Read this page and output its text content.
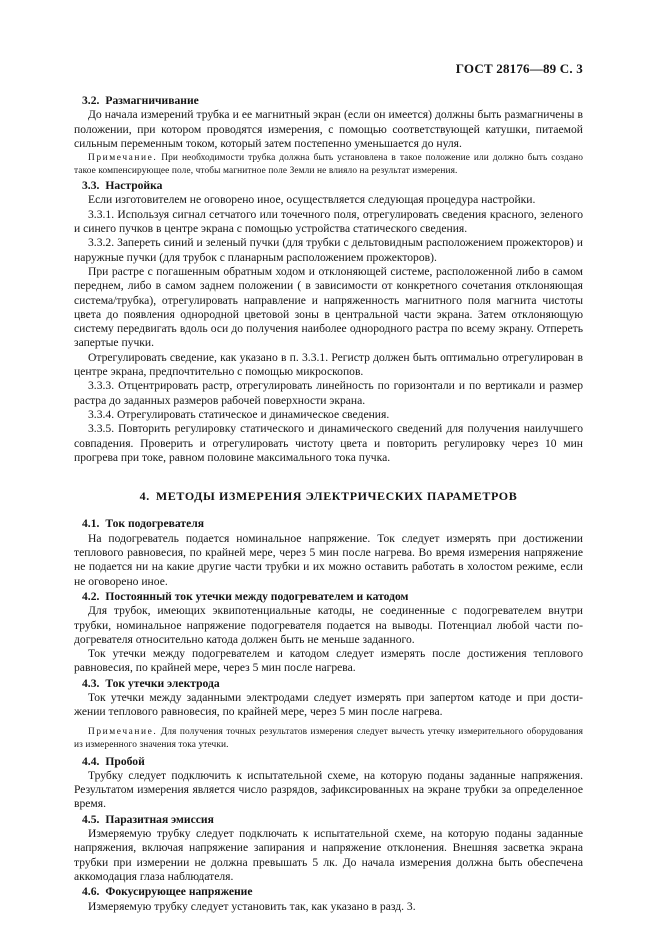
ГОСТ 28176—89 С. 3
3.2. Размагничивание

До начала измерений трубка и ее магнитный экран (если он имеется) должны быть размагничены в положении, при котором проводятся измерения, с помощью соответствующей катушки, питаемой сильным переменным током, который затем постепенно уменьшается до нуля.

Примечание. При необходимости трубка должна быть установлена в такое положение или должно быть создано такое компенсирующее поле, чтобы магнитное поле Земли не влияло на результат измерения.
3.3. Настройка

Если изготовителем не оговорено иное, осуществляется следующая процедура настройки.

3.3.1. Используя сигнал сетчатого или точечного поля, отрегулировать сведения красного, зеленого и синего пучков в центре экрана с помощью устройства статического сведения.

3.3.2. Запереть синий и зеленый пучки (для трубки с дельтовидным расположением прожекторов) и наружные пучки (для трубок с планарным расположением прожекторов).

При растре с погашенным обратным ходом и отклоняющей системе, расположенной либо в самом переднем, либо в самом заднем положении ( в зависимости от конкретного сочетания отклоняющая система/трубка), отрегулировать направление и напряженность магнитного поля магнита чистоты цвета до появления однородной цветовой зоны в центральной части экрана. Затем отклоняющую систему передвигать вдоль оси до получения наиболее однородного растра по всему экрану. Отпереть запертые пучки.

Отрегулировать сведение, как указано в п. 3.3.1. Регистр должен быть оптимально отрегулирован в центре экрана, предпочтительно с помощью микроскопов.

3.3.3. Отцентрировать растр, отрегулировать линейность по горизонтали и по вертикали и размер растра до заданных размеров рабочей поверхности экрана.

3.3.4. Отрегулировать статическое и динамическое сведения.

3.3.5. Повторить регулировку статического и динамического сведений для получения наилучшего совпадения. Проверить и отрегулировать чистоту цвета и повторить регулировку через 10 мин прогрева при токе, равном половине максимального тока пучка.

4. МЕТОДЫ ИЗМЕРЕНИЯ ЭЛЕКТРИЧЕСКИХ ПАРАМЕТРОВ
4.1. Ток подогревателя

На подогреватель подается номинальное напряжение. Ток следует измерять при достижении теплового равновесия, по крайней мере, через 5 мин после нагрева. Во время измерения напряжение не подается ни на какие другие части трубки и их можно оставить работать в холостом режиме, если не оговорено иное.

4.2. Постоянный ток утечки между подогревателем и катодом

Для трубок, имеющих эквипотенциальные катоды, не соединенные с подогревателем внутри трубки, номинальное напряжение подогревателя подается на выводы. Потенциал любой части подогревателя относительно катода должен быть не меньше заданного.

Ток утечки между подогревателем и катодом следует измерять после достижения теплового равновесия, по крайней мере, через 5 мин после нагрева.

4.3. Ток утечки электрода

Ток утечки между заданными электродами следует измерять при запертом катоде и при достижении теплового равновесия, по крайней мере, через 5 мин после нагрева.

Примечание. Для получения точных результатов измерения следует вычесть утечку измерительного оборудования из измеренного значения тока утечки.
4.4. Пробой

Трубку следует подключить к испытательной схеме, на которую поданы заданные напряжения. Результатом измерения является число разрядов, зафиксированных на экране трубки за определенное время.

4.5. Паразитная эмиссия

Измеряемую трубку следует подключать к испытательной схеме, на которую поданы заданные напряжения, включая напряжение запирания и напряжение отклонения. Внешняя засветка экрана трубки при измерении не должна превышать 5 лк. До начала измерения должна быть обеспечена аккомодация глаза наблюдателя.

4.6. Фокусирующее напряжение

Измеряемую трубку следует установить так, как указано в разд. 3.
